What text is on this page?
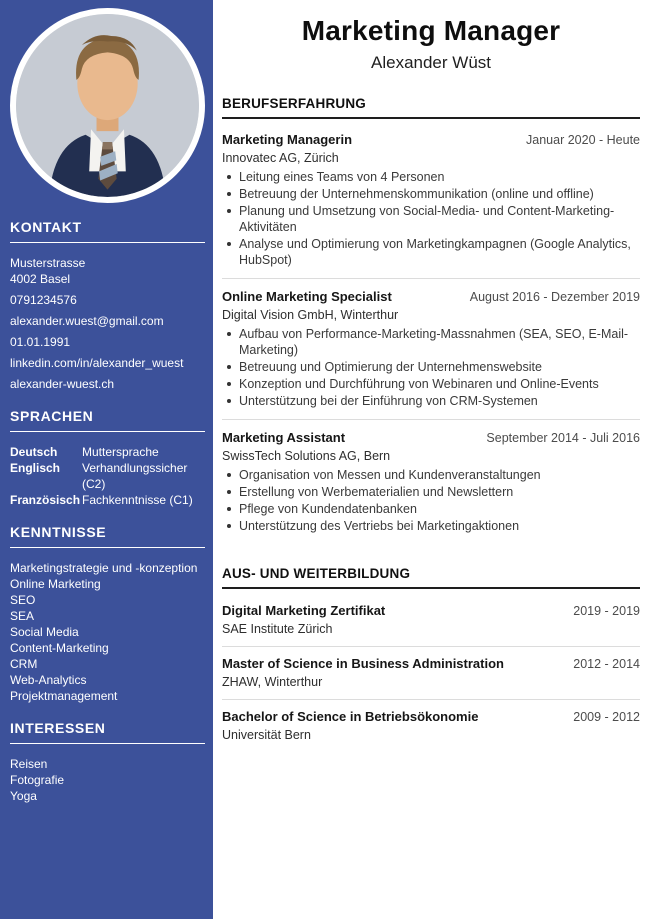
KONTAKT
Musterstrasse
4002 Basel
0791234576
alexander.wuest@gmail.com
01.01.1991
linkedin.com/in/alexander_wuest
alexander-wuest.ch
SPRACHEN
Deutsch	Muttersprache
Englisch	Verhandlungssicher (C2)
Französisch Fachkenntnisse (C1)
KENNTNISSE
Marketingstrategie und -konzeption
Online Marketing
SEO
SEA
Social Media
Content-Marketing
CRM
Web-Analytics
Projektmanagement
INTERESSEN
Reisen
Fotografie
Yoga
Marketing Manager
Alexander Wüst
BERUFSERFAHRUNG
Marketing Managerin	Januar 2020 - Heute
Innovatec AG, Zürich
Leitung eines Teams von 4 Personen
Betreuung der Unternehmenskommunikation (online und offline)
Planung und Umsetzung von Social-Media- und Content-Marketing-Aktivitäten
Analyse und Optimierung von Marketingkampagnen (Google Analytics, HubSpot)
Online Marketing Specialist	August 2016 - Dezember 2019
Digital Vision GmbH, Winterthur
Aufbau von Performance-Marketing-Massnahmen (SEA, SEO, E-Mail-Marketing)
Betreuung und Optimierung der Unternehmenswebsite
Konzeption und Durchführung von Webinaren und Online-Events
Unterstützung bei der Einführung von CRM-Systemen
Marketing Assistant	September 2014 - Juli 2016
SwissTech Solutions AG, Bern
Organisation von Messen und Kundenveranstaltungen
Erstellung von Werbematerialien und Newslettern
Pflege von Kundendatenbanken
Unterstützung des Vertriebs bei Marketingaktionen
AUS- UND WEITERBILDUNG
Digital Marketing Zertifikat	2019 - 2019
SAE Institute Zürich
Master of Science in Business Administration	2012 - 2014
ZHAW, Winterthur
Bachelor of Science in Betriebsökonomie	2009 - 2012
Universität Bern
